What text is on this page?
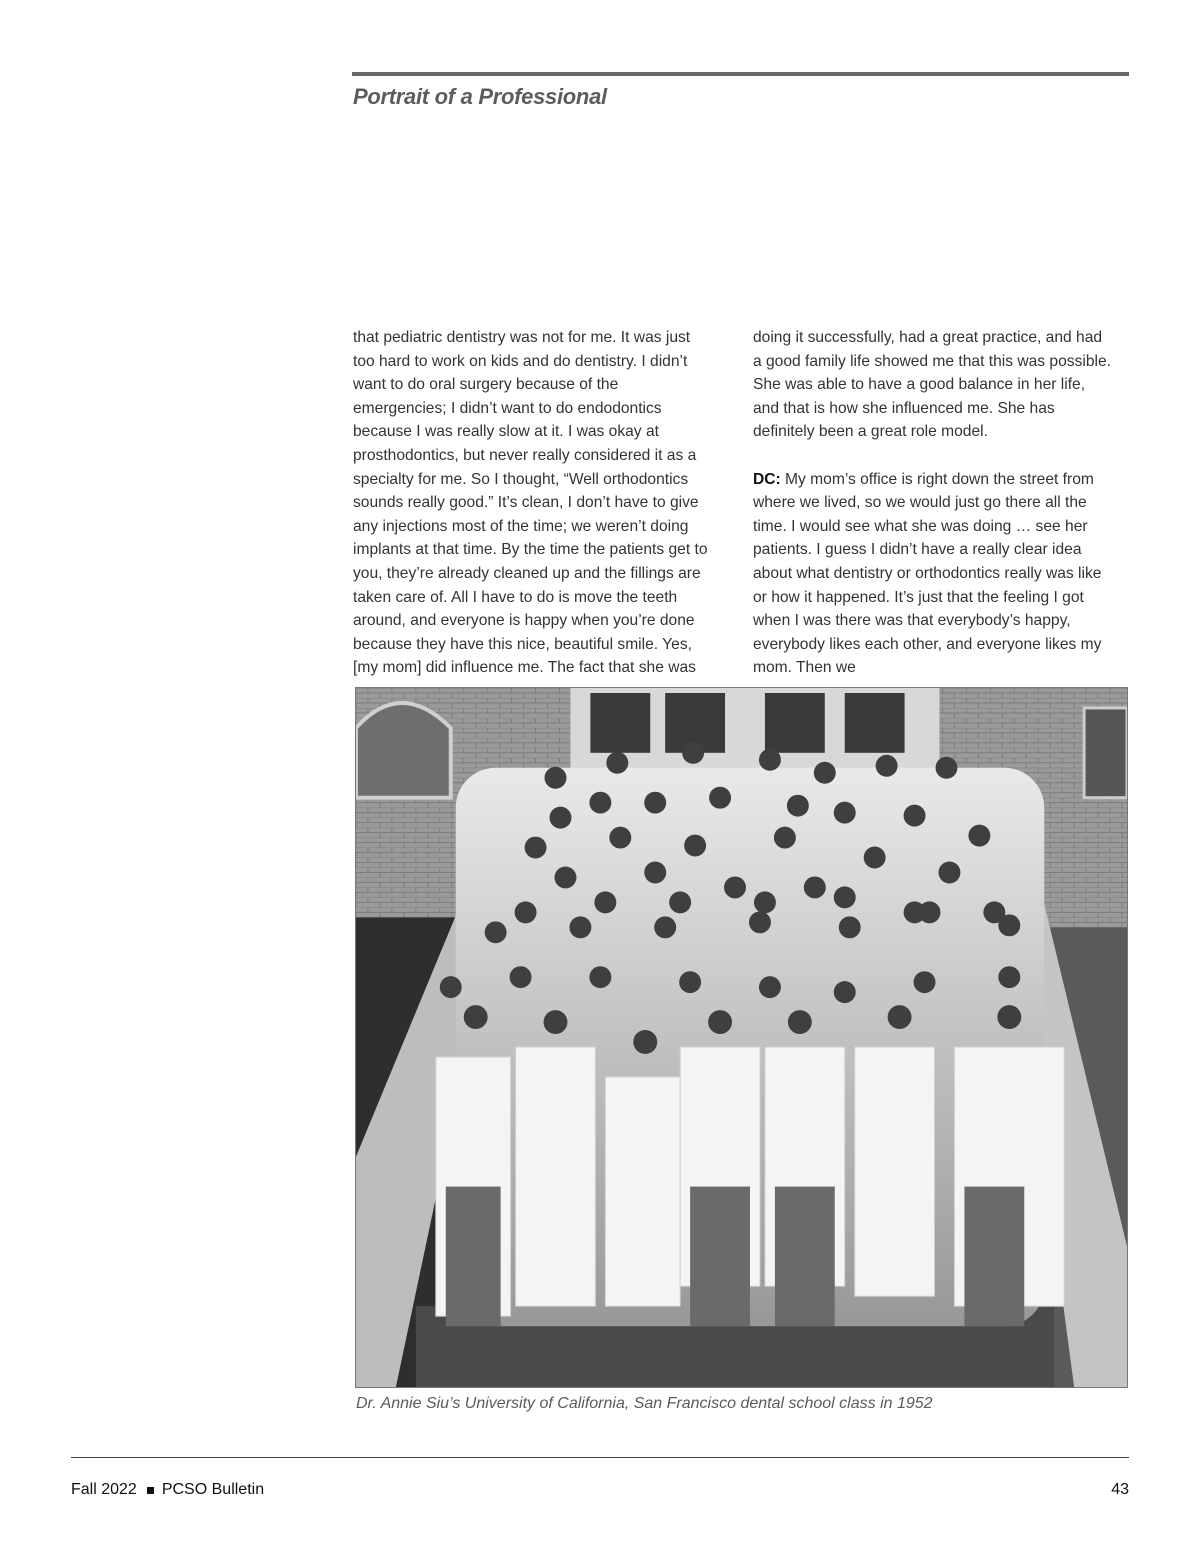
Portrait of a Professional

that pediatric dentistry was not for me. It was just too hard to work on kids and do dentistry. I didn’t want to do oral surgery because of the emergencies; I didn’t want to do endodontics because I was really slow at it. I was okay at prosthodontics, but never really considered it as a specialty for me. So I thought, “Well orthodontics sounds really good.” It’s clean, I don’t have to give any injections most of the time; we weren’t doing implants at that time. By the time the patients get to you, they’re already cleaned up and the fillings are taken care of. All I have to do is move the teeth around, and everyone is happy when you’re done because they have this nice, beautiful smile. Yes, [my mom] did influence me. The fact that she was

doing it successfully, had a great practice, and had a good family life showed me that this was possible. She was able to have a good balance in her life, and that is how she influenced me. She has definitely been a great role model.

DC: My mom’s office is right down the street from where we lived, so we would just go there all the time. I would see what she was doing … see her patients. I guess I didn’t have a really clear idea about what dentistry or orthodontics really was like or how it happened. It’s just that the feeling I got when I was there was that everybody’s happy, everybody likes each other, and everyone likes my mom. Then we

Dr. Annie Siu’s University of California, San Francisco dental school class in 1952
Fall 2022 PCSO Bulletin	43
